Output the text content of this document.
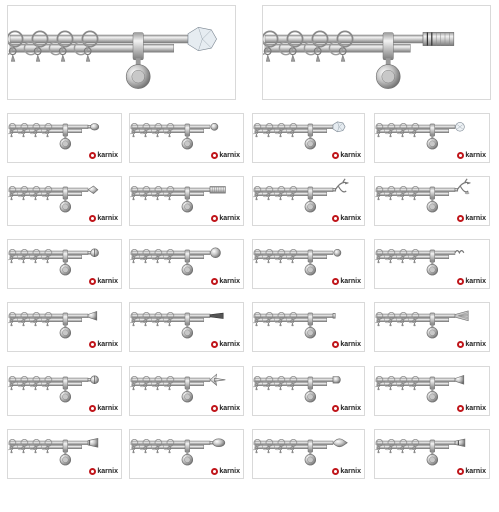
karnix	karnix	karnix	karnix
karnix	karnix	karnix	karnix
karnix	karnix	karnix	karnix
karnix	karnix	karnix	karnix
karnix	karnix	karnix	karnix
karnix	karnix	karnix	karnix
